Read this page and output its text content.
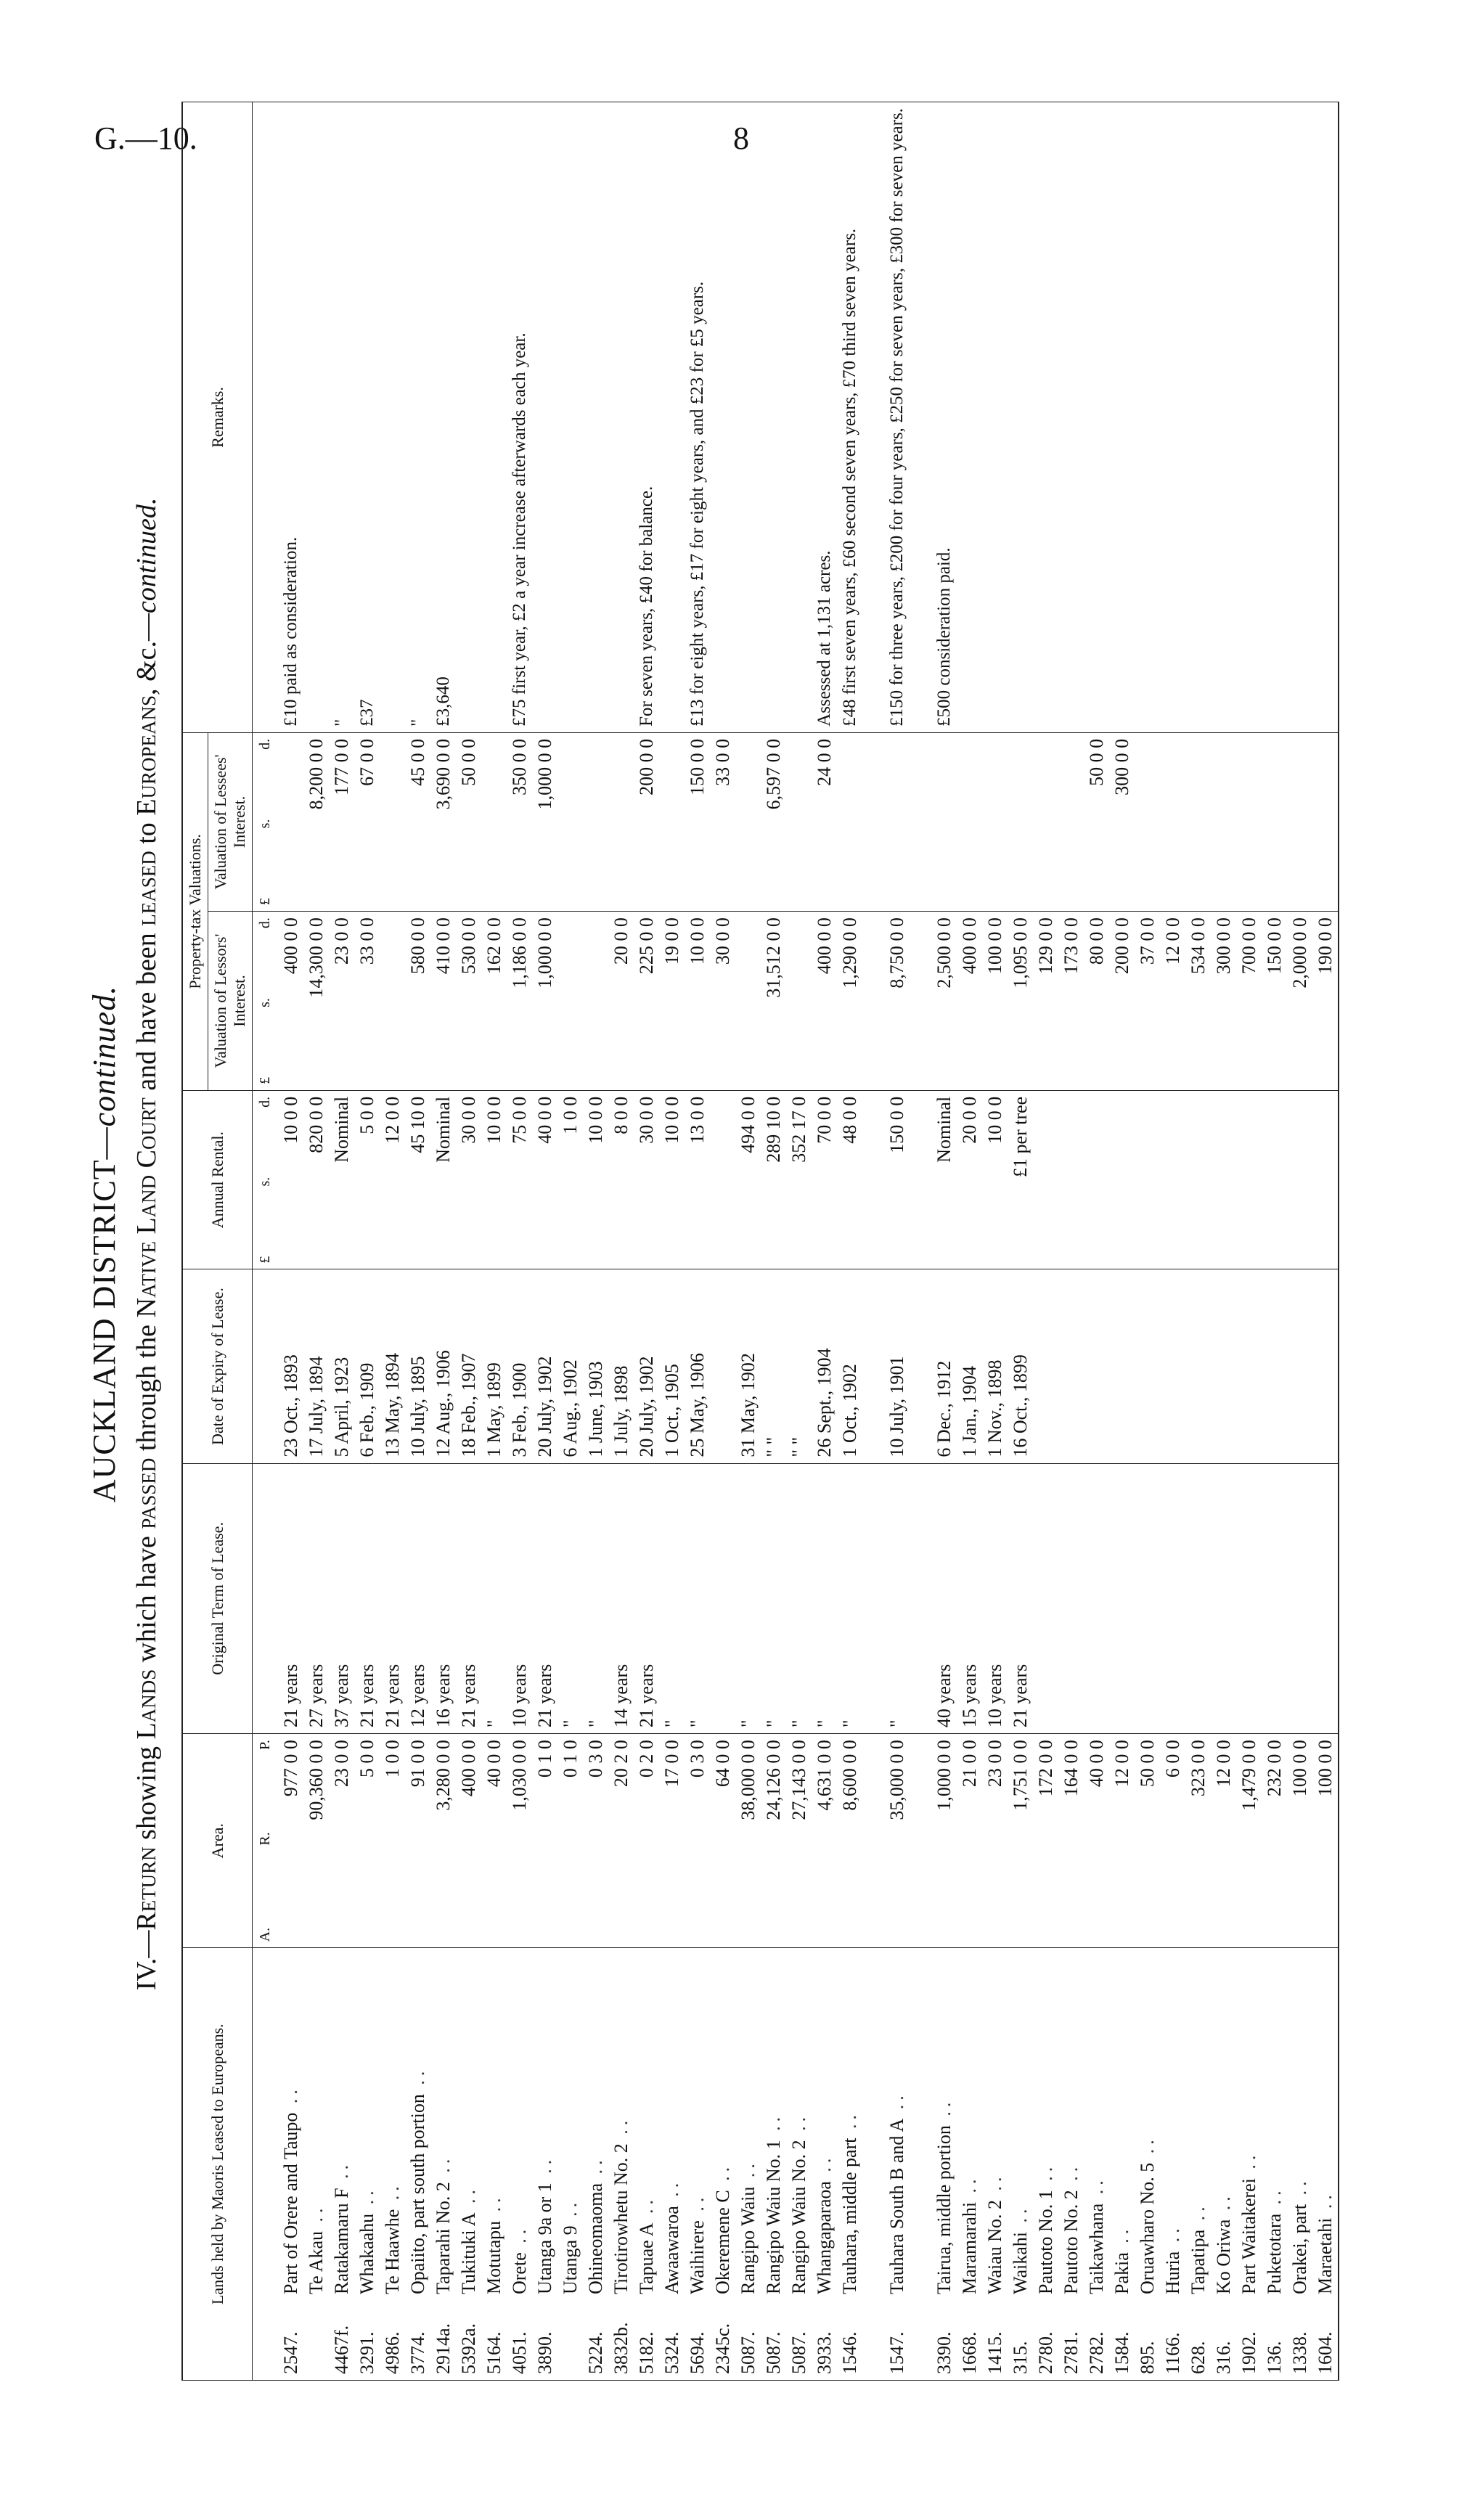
G.—10.	8
AUCKLAND DISTRICT—continued.
IV.—Return showing Lands which have passed through the Native Land Court and have been leased to Europeans, &c.—continued.
Lands held by Maoris Leased to Europeans.	Area.	Original Term of Lease.	Date of Expiry of Lease.	Annual Rental.	Property-tax Valuations.		Remarks.
					Valuation of Lessors' Interest.	Valuation of Lessees' Interest.	

	A.
R.
P.			£
s.
d.	£
s.
d.	£
s.
d.	

2547.Part of Orere and Taupo ..	977 0 0	21 years	23 Oct., 1893	10 0 0	400 0 0		£10 paid as consideration.
Te Akau ..	90,360 0 0	27 years	17 July, 1894	820 0 0	14,300 0 0	8,200 0 0	
4467f.Ratakamaru F ..	23 0 0	37 years	5 April, 1923	Nominal	23 0 0	177 0 0	"
3291.Whakaahu ..	5 0 0	21 years	6 Feb., 1909	5 0 0	33 0 0	67 0 0	£37
4986.Te Haawhe ..	1 0 0	21 years	13 May, 1894	12 0 0			
3774.Opaiito, part south portion ..	91 0 0	12 years	10 July, 1895	45 10 0	580 0 0	45 0 0	"
2914a.Taparahi No. 2 ..	3,280 0 0	16 years	12 Aug., 1906	Nominal	410 0 0	3,690 0 0	£3,640
5392a.Tukituki A ..	400 0 0	21 years	18 Feb., 1907	30 0 0	530 0 0	50 0 0	
5164.Motutapu ..	40 0 0	"	1 May, 1899	10 0 0	162 0 0		
4051.Orete ..	1,030 0 0	10 years	3 Feb., 1900	75 0 0	1,186 0 0	350 0 0	£75 first year, £2 a year increase afterwards each year.
3890.Utanga 9a or 1 ..	0 1 0	21 years	20 July, 1902	40 0 0	1,000 0 0	1,000 0 0	
Utanga 9 ..	0 1 0	"	6 Aug., 1902	1 0 0			
5224.Ohineomaoma ..	0 3 0	"	1 June, 1903	10 0 0			
3832b.Tirotirowhetu No. 2 ..	20 2 0	14 years	1 July, 1898	8 0 0	20 0 0		
5182.Tapuae A ..	0 2 0	21 years	20 July, 1902	30 0 0	225 0 0	200 0 0	For seven years, £40 for balance.
5324.Awaawaroa ..	17 0 0	"	1 Oct., 1905	10 0 0	19 0 0		
5694.Waihirere ..	0 3 0	"	25 May, 1906	13 0 0	10 0 0	150 0 0	£13 for eight years, £17 for eight years, and £23 for £5 years.
2345c.Okeremene C ..	64 0 0				30 0 0	33 0 0	
5087.Rangipo Waiu ..	38,000 0 0	"	31 May, 1902	494 0 0			
5087.Rangipo Waiu No. 1 ..	24,126 0 0	"	" "	289 10 0	31,512 0 0	6,597 0 0	
5087.Rangipo Waiu No. 2 ..	27,143 0 0	"	" "	352 17 0			
3933.Whangaparaoa ..	4,631 0 0	"	26 Sept., 1904	70 0 0	400 0 0	24 0 0	Assessed at 1,131 acres.
1546.Tauhara, middle part ..	8,600 0 0	"	1 Oct., 1902	48 0 0	1,290 0 0		£48 first seven years, £60 second seven years, £70 third seven years.

1547.Tauhara South B and A ..	35,000 0 0	"	10 July, 1901	150 0 0	8,750 0 0		£150 for three years, £200 for four years, £250 for seven years, £300 for seven years.

3390.Tairua, middle portion ..	1,000 0 0	40 years	6 Dec., 1912	Nominal	2,500 0 0		£500 consideration paid.
1668.Maramarahi ..	21 0 0	15 years	1 Jan., 1904	20 0 0	400 0 0		
1415.Waiau No. 2 ..	23 0 0	10 years	1 Nov., 1898	10 0 0	100 0 0		
315.Waikahi ..	1,751 0 0	21 years	16 Oct., 1899	£1 per tree	1,095 0 0		
2780.Pautoto No. 1 ..	172 0 0				129 0 0		
2781.Pautoto No. 2 ..	164 0 0				173 0 0		
2782.Taikawhana ..	40 0 0				80 0 0	50 0 0	
1584.Pakia ..	12 0 0				200 0 0	300 0 0	
895.Oruawharo No. 5 ..	50 0 0				37 0 0		
1166.Huria ..	6 0 0				12 0 0		
628.Tapatipa ..	323 0 0				534 0 0		
316.Ko Oriwa ..	12 0 0				300 0 0		
1902.Part Waitakerei ..	1,479 0 0				700 0 0		
136.Puketotara ..	232 0 0				150 0 0		
1338.Orakei, part ..	100 0 0				2,000 0 0		
1604.Maraetahi ..	100 0 0				190 0 0		
